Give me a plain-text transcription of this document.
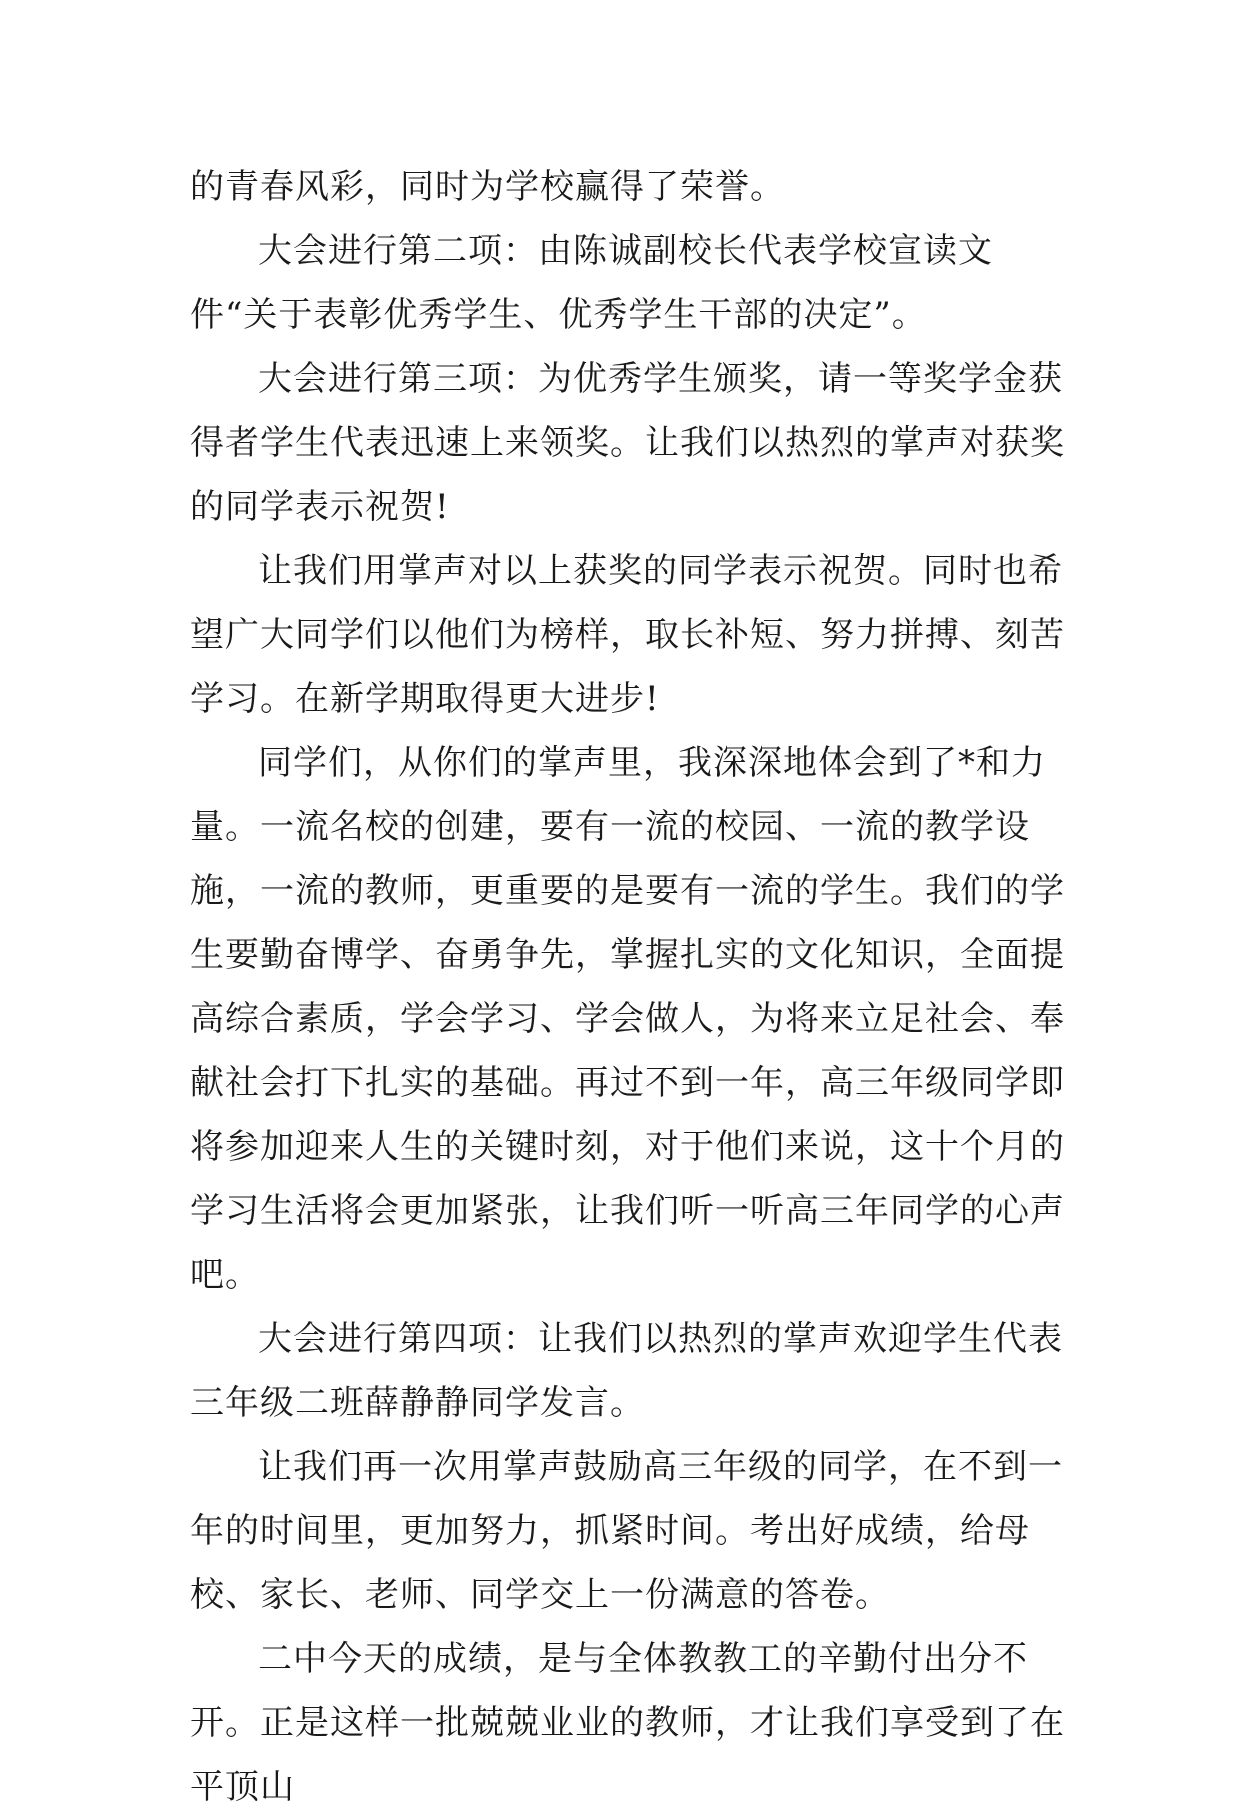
的青春风彩，同时为学校赢得了荣誉。

大会进行第二项：由陈诚副校长代表学校宣读文件“关于表彰优秀学生、优秀学生干部的决定”。

大会进行第三项：为优秀学生颁奖，请一等奖学金获得者学生代表迅速上来领奖。让我们以热烈的掌声对获奖的同学表示祝贺!

让我们用掌声对以上获奖的同学表示祝贺。同时也希望广大同学们以他们为榜样，取长补短、努力拼搏、刻苦学习。在新学期取得更大进步!

同学们，从你们的掌声里，我深深地体会到了*和力量。一流名校的创建，要有一流的校园、一流的教学设施，一流的教师，更重要的是要有一流的学生。我们的学生要勤奋博学、奋勇争先，掌握扎实的文化知识，全面提高综合素质，学会学习、学会做人，为将来立足社会、奉献社会打下扎实的基础。再过不到一年，高三年级同学即将参加迎来人生的关键时刻，对于他们来说，这十个月的学习生活将会更加紧张，让我们听一听高三年同学的心声吧。

大会进行第四项：让我们以热烈的掌声欢迎学生代表三年级二班薛静静同学发言。

让我们再一次用掌声鼓励高三年级的同学，在不到一年的时间里，更加努力，抓紧时间。考出好成绩，给母校、家长、老师、同学交上一份满意的答卷。

二中今天的成绩，是与全体教教工的辛勤付出分不开。正是这样一批兢兢业业的教师，才让我们享受到了在平顶山
